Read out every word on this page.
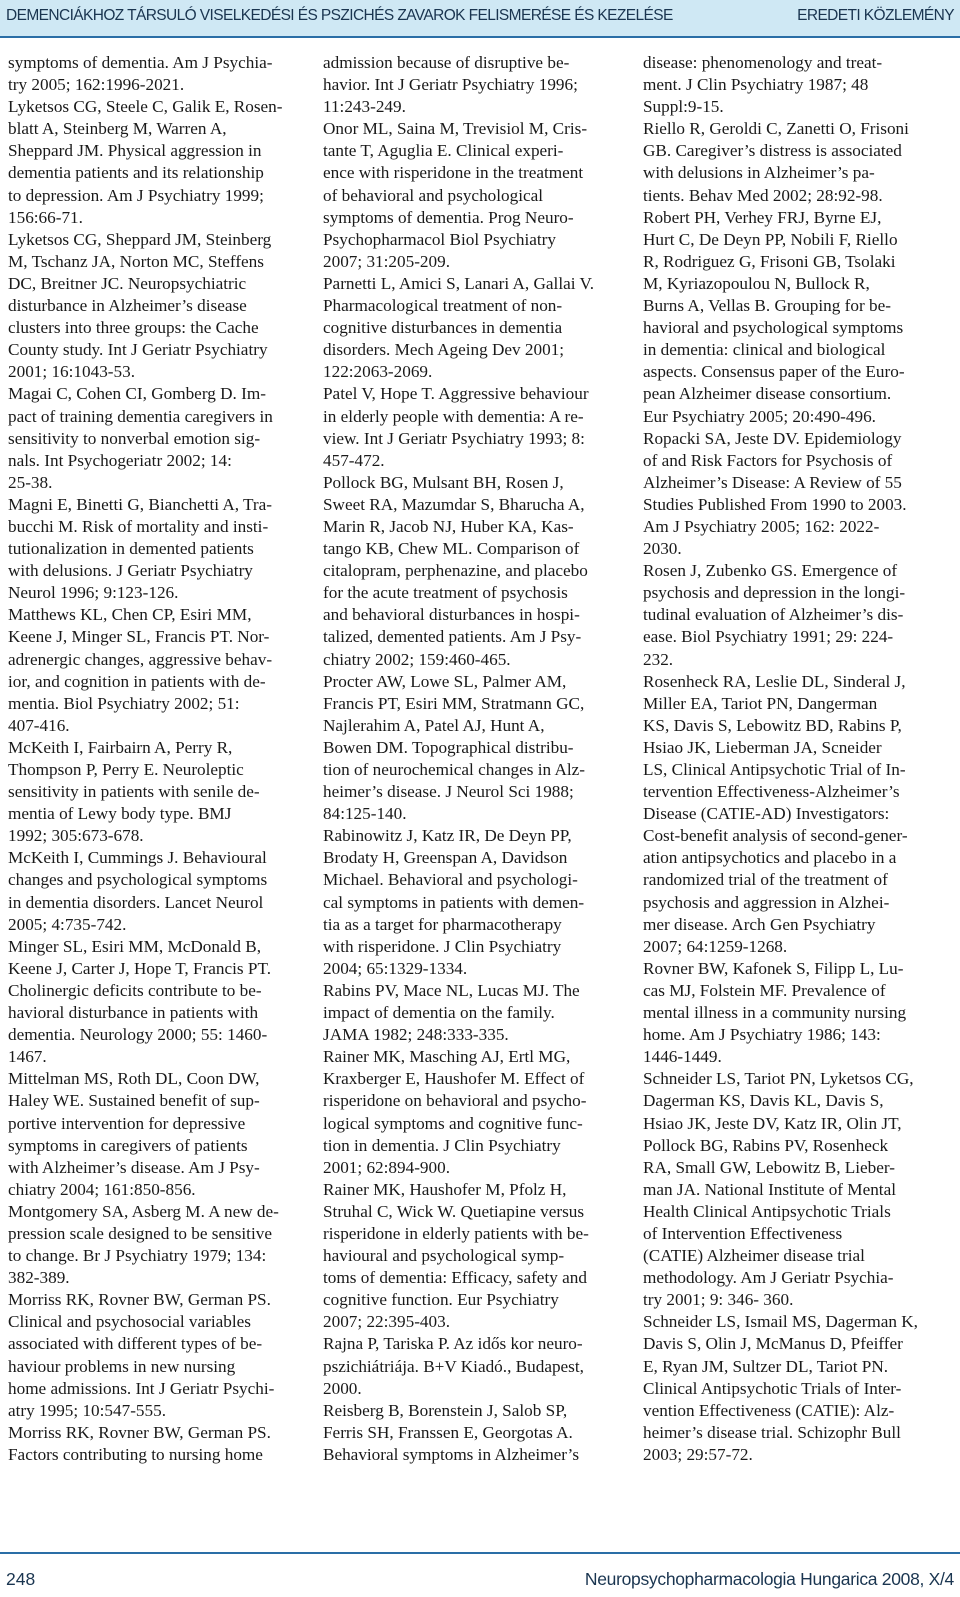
DEMENCIÁKHOZ TÁRSULÓ VISELKEDÉSI ÉS PSZICHÉS ZAVAROK FELISMERÉSE ÉS KEZELÉSE	EREDETI KÖZLEMÉNY

symptoms of dementia. Am J Psychia-
try 2005; 162:1996-2021.

Lyketsos CG, Steele C, Galik E, Rosen-
blatt A, Steinberg M, Warren A,
Sheppard JM. Physical aggression in
dementia patients and its relationship
to depression. Am J Psychiatry 1999;
156:66-71.

Lyketsos CG, Sheppard JM, Steinberg
M, Tschanz JA, Norton MC, Steffens
DC, Breitner JC. Neuropsychiatric
disturbance in Alzheimer’s disease
clusters into three groups: the Cache
County study. Int J Geriatr Psychiatry
2001; 16:1043-53.

Magai C, Cohen CI, Gomberg D. Im-
pact of training dementia caregivers in
sensitivity to nonverbal emotion sig-
nals. Int Psychogeriatr 2002; 14:
25-38.

Magni E, Binetti G, Bianchetti A, Tra-
bucchi M. Risk of mortality and insti-
tutionalization in demented patients
with delusions. J Geriatr Psychiatry
Neurol 1996; 9:123-126.

Matthews KL, Chen CP, Esiri MM,
Keene J, Minger SL, Francis PT. Nor-
adrenergic changes, aggressive behav-
ior, and cognition in patients with de-
mentia. Biol Psychiatry 2002; 51:
407-416.

McKeith I, Fairbairn A, Perry R,
Thompson P, Perry E. Neuroleptic
sensitivity in patients with senile de-
mentia of Lewy body type. BMJ
1992; 305:673-678.

McKeith I, Cummings J. Behavioural
changes and psychological symptoms
in dementia disorders. Lancet Neurol
2005; 4:735-742.

Minger SL, Esiri MM, McDonald B,
Keene J, Carter J, Hope T, Francis PT.
Cholinergic deficits contribute to be-
havioral disturbance in patients with
dementia. Neurology 2000; 55: 1460-
1467.

Mittelman MS, Roth DL, Coon DW,
Haley WE. Sustained benefit of sup-
portive intervention for depressive
symptoms in caregivers of patients
with Alzheimer’s disease. Am J Psy-
chiatry 2004; 161:850-856.

Montgomery SA, Asberg M. A new de-
pression scale designed to be sensitive
to change. Br J Psychiatry 1979; 134:
382-389.

Morriss RK, Rovner BW, German PS.
Clinical and psychosocial variables
associated with different types of be-
haviour problems in new nursing
home admissions. Int J Geriatr Psychi-
atry 1995; 10:547-555.

Morriss RK, Rovner BW, German PS.
Factors contributing to nursing home

admission because of disruptive be-
havior. Int J Geriatr Psychiatry 1996;
11:243-249.

Onor ML, Saina M, Trevisiol M, Cris-
tante T, Aguglia E. Clinical experi-
ence with risperidone in the treatment
of behavioral and psychological
symptoms of dementia. Prog Neuro-
Psychopharmacol Biol Psychiatry
2007; 31:205-209.

Parnetti L, Amici S, Lanari A, Gallai V.
Pharmacological treatment of non-
cognitive disturbances in dementia
disorders. Mech Ageing Dev 2001;
122:2063-2069.

Patel V, Hope T. Aggressive behaviour
in elderly people with dementia: A re-
view. Int J Geriatr Psychiatry 1993; 8:
457-472.

Pollock BG, Mulsant BH, Rosen J,
Sweet RA, Mazumdar S, Bharucha A,
Marin R, Jacob NJ, Huber KA, Kas-
tango KB, Chew ML. Comparison of
citalopram, perphenazine, and placebo
for the acute treatment of psychosis
and behavioral disturbances in hospi-
talized, demented patients. Am J Psy-
chiatry 2002; 159:460-465.

Procter AW, Lowe SL, Palmer AM,
Francis PT, Esiri MM, Stratmann GC,
Najlerahim A, Patel AJ, Hunt A,
Bowen DM. Topographical distribu-
tion of neurochemical changes in Alz-
heimer’s disease. J Neurol Sci 1988;
84:125-140.

Rabinowitz J, Katz IR, De Deyn PP,
Brodaty H, Greenspan A, Davidson
Michael. Behavioral and psychologi-
cal symptoms in patients with demen-
tia as a target for pharmacotherapy
with risperidone. J Clin Psychiatry
2004; 65:1329-1334.

Rabins PV, Mace NL, Lucas MJ. The
impact of dementia on the family.
JAMA 1982; 248:333-335.

Rainer MK, Masching AJ, Ertl MG,
Kraxberger E, Haushofer M. Effect of
risperidone on behavioral and psycho-
logical symptoms and cognitive func-
tion in dementia. J Clin Psychiatry
2001; 62:894-900.

Rainer MK, Haushofer M, Pfolz H,
Struhal C, Wick W. Quetiapine versus
risperidone in elderly patients with be-
havioural and psychological symp-
toms of dementia: Efficacy, safety and
cognitive function. Eur Psychiatry
2007; 22:395-403.

Rajna P, Tariska P. Az idős kor neuro-
pszichiátriája. B+V Kiadó., Budapest,
2000.

Reisberg B, Borenstein J, Salob SP,
Ferris SH, Franssen E, Georgotas A.
Behavioral symptoms in Alzheimer’s

disease: phenomenology and treat-
ment. J Clin Psychiatry 1987; 48
Suppl:9-15.

Riello R, Geroldi C, Zanetti O, Frisoni
GB. Caregiver’s distress is associated
with delusions in Alzheimer’s pa-
tients. Behav Med 2002; 28:92-98.

Robert PH, Verhey FRJ, Byrne EJ,
Hurt C, De Deyn PP, Nobili F, Riello
R, Rodriguez G, Frisoni GB, Tsolaki
M, Kyriazopoulou N, Bullock R,
Burns A, Vellas B. Grouping for be-
havioral and psychological symptoms
in dementia: clinical and biological
aspects. Consensus paper of the Euro-
pean Alzheimer disease consortium.
Eur Psychiatry 2005; 20:490-496.

Ropacki SA, Jeste DV. Epidemiology
of and Risk Factors for Psychosis of
Alzheimer’s Disease: A Review of 55
Studies Published From 1990 to 2003.
Am J Psychiatry 2005; 162: 2022-
2030.

Rosen J, Zubenko GS. Emergence of
psychosis and depression in the longi-
tudinal evaluation of Alzheimer’s dis-
ease. Biol Psychiatry 1991; 29: 224-
232.

Rosenheck RA, Leslie DL, Sinderal J,
Miller EA, Tariot PN, Dangerman
KS, Davis S, Lebowitz BD, Rabins P,
Hsiao JK, Lieberman JA, Scneider
LS, Clinical Antipsychotic Trial of In-
tervention Effectiveness-Alzheimer’s
Disease (CATIE-AD) Investigators:
Cost-benefit analysis of second-gener-
ation antipsychotics and placebo in a
randomized trial of the treatment of
psychosis and aggression in Alzhei-
mer disease. Arch Gen Psychiatry
2007; 64:1259-1268.

Rovner BW, Kafonek S, Filipp L, Lu-
cas MJ, Folstein MF. Prevalence of
mental illness in a community nursing
home. Am J Psychiatry 1986; 143:
1446-1449.

Schneider LS, Tariot PN, Lyketsos CG,
Dagerman KS, Davis KL, Davis S,
Hsiao JK, Jeste DV, Katz IR, Olin JT,
Pollock BG, Rabins PV, Rosenheck
RA, Small GW, Lebowitz B, Lieber-
man JA. National Institute of Mental
Health Clinical Antipsychotic Trials
of Intervention Effectiveness
(CATIE) Alzheimer disease trial
methodology. Am J Geriatr Psychia-
try 2001; 9: 346- 360.

Schneider LS, Ismail MS, Dagerman K,
Davis S, Olin J, McManus D, Pfeiffer
E, Ryan JM, Sultzer DL, Tariot PN.
Clinical Antipsychotic Trials of Inter-
vention Effectiveness (CATIE): Alz-
heimer’s disease trial. Schizophr Bull
2003; 29:57-72.

248	Neuropsychopharmacologia Hungarica 2008, X/4
